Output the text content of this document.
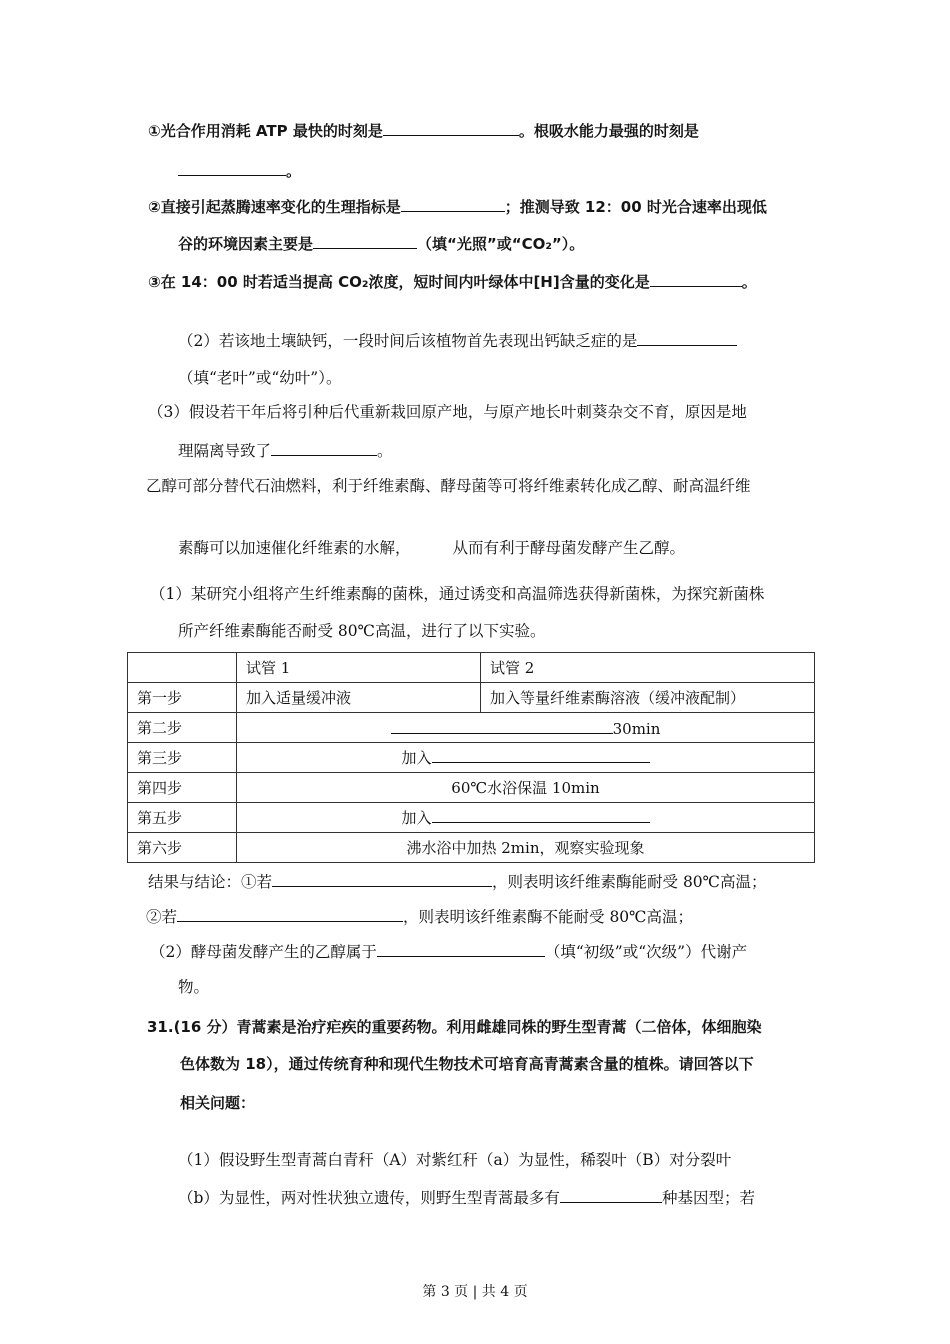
①光合作用消耗 ATP 最快的时刻是	。根吸水能力最强的时刻是
。
②直接引起蒸腾速率变化的生理指标是	；推测导致 12：00 时光合速率出现低
谷的环境因素主要是	（填“光照”或“CO₂”）。
③在 14：00 时若适当提高 CO₂浓度，短时间内叶绿体中[H]含量的变化是	。
（2）若该地土壤缺钙，一段时间后该植物首先表现出钙缺乏症的是
（填“老叶”或“幼叶”）。
（3）假设若干年后将引种后代重新栽回原产地，与原产地长叶刺葵杂交不育，原因是地
理隔离导致了	。
乙醇可部分替代石油燃料，利于纤维素酶、酵母菌等可将纤维素转化成乙醇、耐高温纤维
素酶可以加速催化纤维素的水解，	从而有利于酵母菌发酵产生乙醇。
（1）某研究小组将产生纤维素酶的菌株，通过诱变和高温筛选获得新菌株，为探究新菌株
所产纤维素酶能否耐受 80℃高温，进行了以下实验。
	试管 1	试管 2
第一步	加入适量缓冲液	加入等量纤维素酶溶液（缓冲液配制）
第二步	30min	
第三步	加入	
第四步	60℃水浴保温 10min	
第五步	加入	
第六步	沸水浴中加热 2min，观察实验现象	
结果与结论：①若	，则表明该纤维素酶能耐受 80℃高温；
②若	，则表明该纤维素酶不能耐受 80℃高温；
（2）酵母菌发酵产生的乙醇属于	（填“初级”或“次级”）代谢产
物。
31.(16 分）青蒿素是治疗疟疾的重要药物。利用雌雄同株的野生型青蒿（二倍体，体细胞染
色体数为 18），通过传统育种和现代生物技术可培育高青蒿素含量的植株。请回答以下
相关问题：
（1）假设野生型青蒿白青秆（A）对紫红秆（a）为显性，稀裂叶（B）对分裂叶
（b）为显性，两对性状独立遗传，则野生型青蒿最多有	种基因型；若
第 3 页 | 共 4 页
